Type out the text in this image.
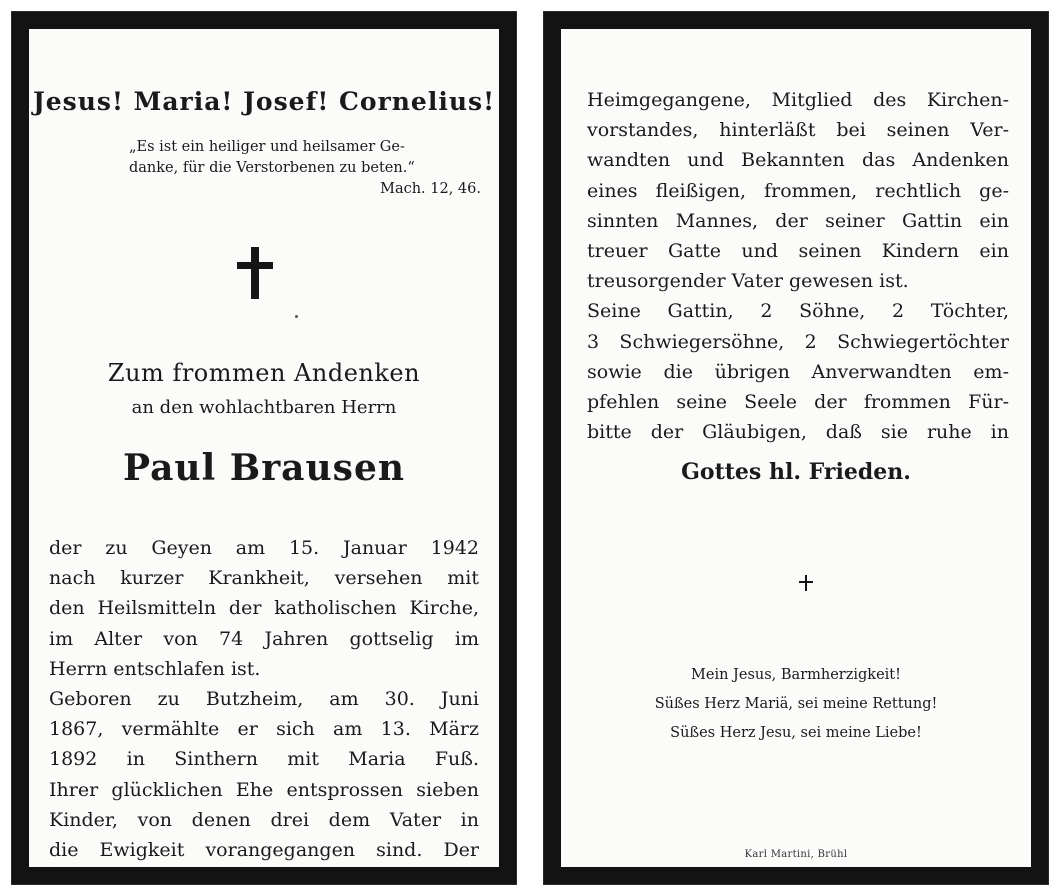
Jesus! Maria! Josef! Cornelius!
„Es ist ein heiliger und heilsamer Ge-
danke, für die Verstorbenen zu beten.“
Mach. 12, 46.
Zum frommen Andenken
an den wohlachtbaren Herrn
Paul Brausen
der zu Geyen am 15. Januar 1942
nach kurzer Krankheit, versehen mit
den Heilsmitteln der katholischen Kirche,
im Alter von 74 Jahren gottselig im
Herrn entschlafen ist.
Geboren zu Butzheim, am 30. Juni
1867, vermählte er sich am 13. März
1892 in Sinthern mit Maria Fuß.
Ihrer glücklichen Ehe entsprossen sieben
Kinder, von denen drei dem Vater in
die Ewigkeit vorangegangen sind. Der
Heimgegangene, Mitglied des Kirchen-
vorstandes, hinterläßt bei seinen Ver-
wandten und Bekannten das Andenken
eines fleißigen, frommen, rechtlich ge-
sinnten Mannes, der seiner Gattin ein
treuer Gatte und seinen Kindern ein
treusorgender Vater gewesen ist.
Seine Gattin, 2 Söhne, 2 Töchter,
3 Schwiegersöhne, 2 Schwiegertöchter
sowie die übrigen Anverwandten em-
pfehlen seine Seele der frommen Für-
bitte der Gläubigen, daß sie ruhe in
Gottes hl. Frieden.
Mein Jesus, Barmherzigkeit!
Süßes Herz Mariä, sei meine Rettung!
Süßes Herz Jesu, sei meine Liebe!
Karl Martini, Brühl
